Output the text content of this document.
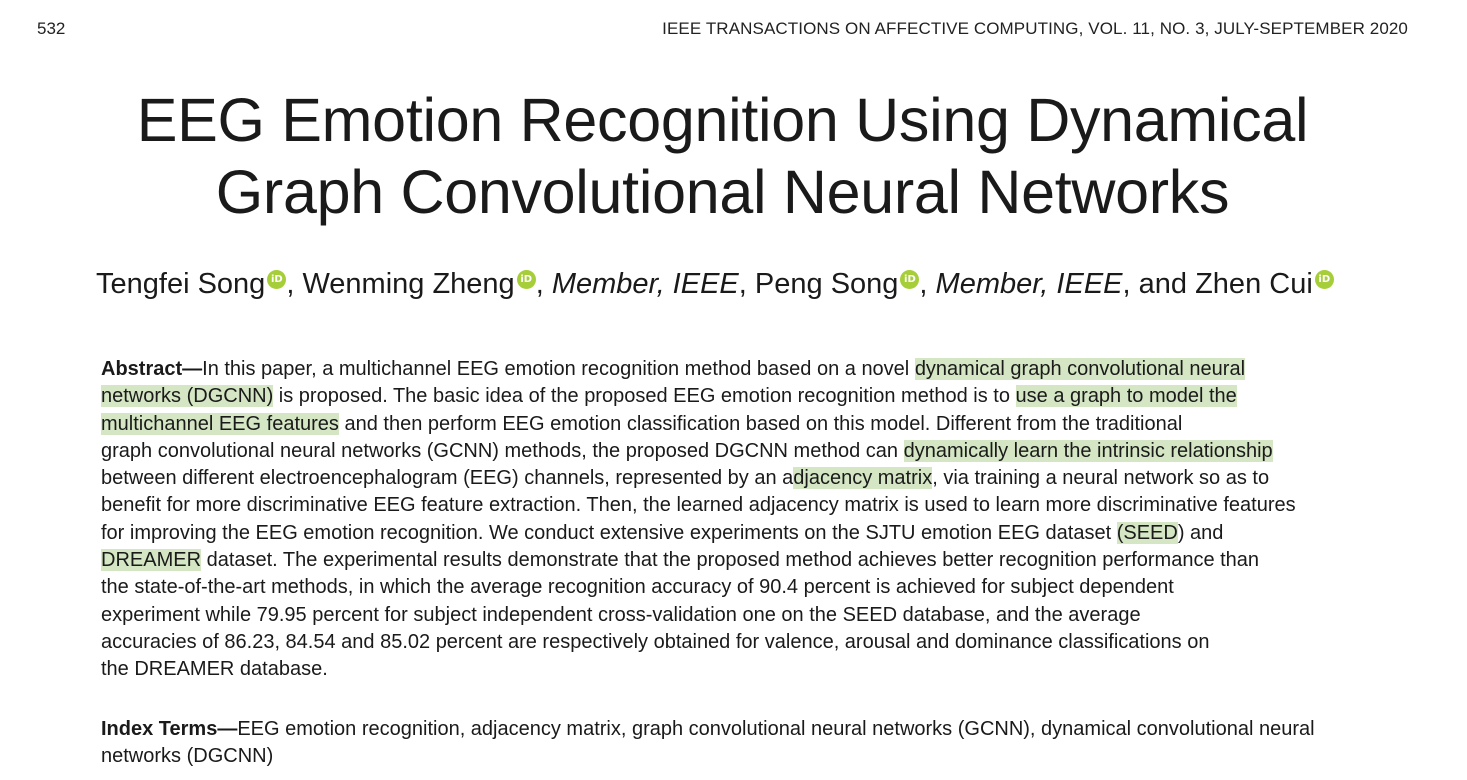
532	IEEE TRANSACTIONS ON AFFECTIVE COMPUTING, VOL. 11, NO. 3, JULY-SEPTEMBER 2020
EEG Emotion Recognition Using Dynamical
Graph Convolutional Neural Networks
Tengfei Song iD , Wenming Zheng iD , Member, IEEE, Peng Song iD , Member, IEEE, and Zhen Cui iD
Abstract—In this paper, a multichannel EEG emotion recognition method based on a novel dynamical graph convolutional neural
networks (DGCNN) is proposed. The basic idea of the proposed EEG emotion recognition method is to use a graph to model the
multichannel EEG features and then perform EEG emotion classification based on this model. Different from the traditional
graph convolutional neural networks (GCNN) methods, the proposed DGCNN method can dynamically learn the intrinsic relationship
between different electroencephalogram (EEG) channels, represented by an adjacency matrix, via training a neural network so as to
benefit for more discriminative EEG feature extraction. Then, the learned adjacency matrix is used to learn more discriminative features
for improving the EEG emotion recognition. We conduct extensive experiments on the SJTU emotion EEG dataset (SEED) and
DREAMER dataset. The experimental results demonstrate that the proposed method achieves better recognition performance than
the state-of-the-art methods, in which the average recognition accuracy of 90.4 percent is achieved for subject dependent
experiment while 79.95 percent for subject independent cross-validation one on the SEED database, and the average
accuracies of 86.23, 84.54 and 85.02 percent are respectively obtained for valence, arousal and dominance classifications on
the DREAMER database.
Index Terms—EEG emotion recognition, adjacency matrix, graph convolutional neural networks (GCNN), dynamical convolutional neural
networks (DGCNN)
